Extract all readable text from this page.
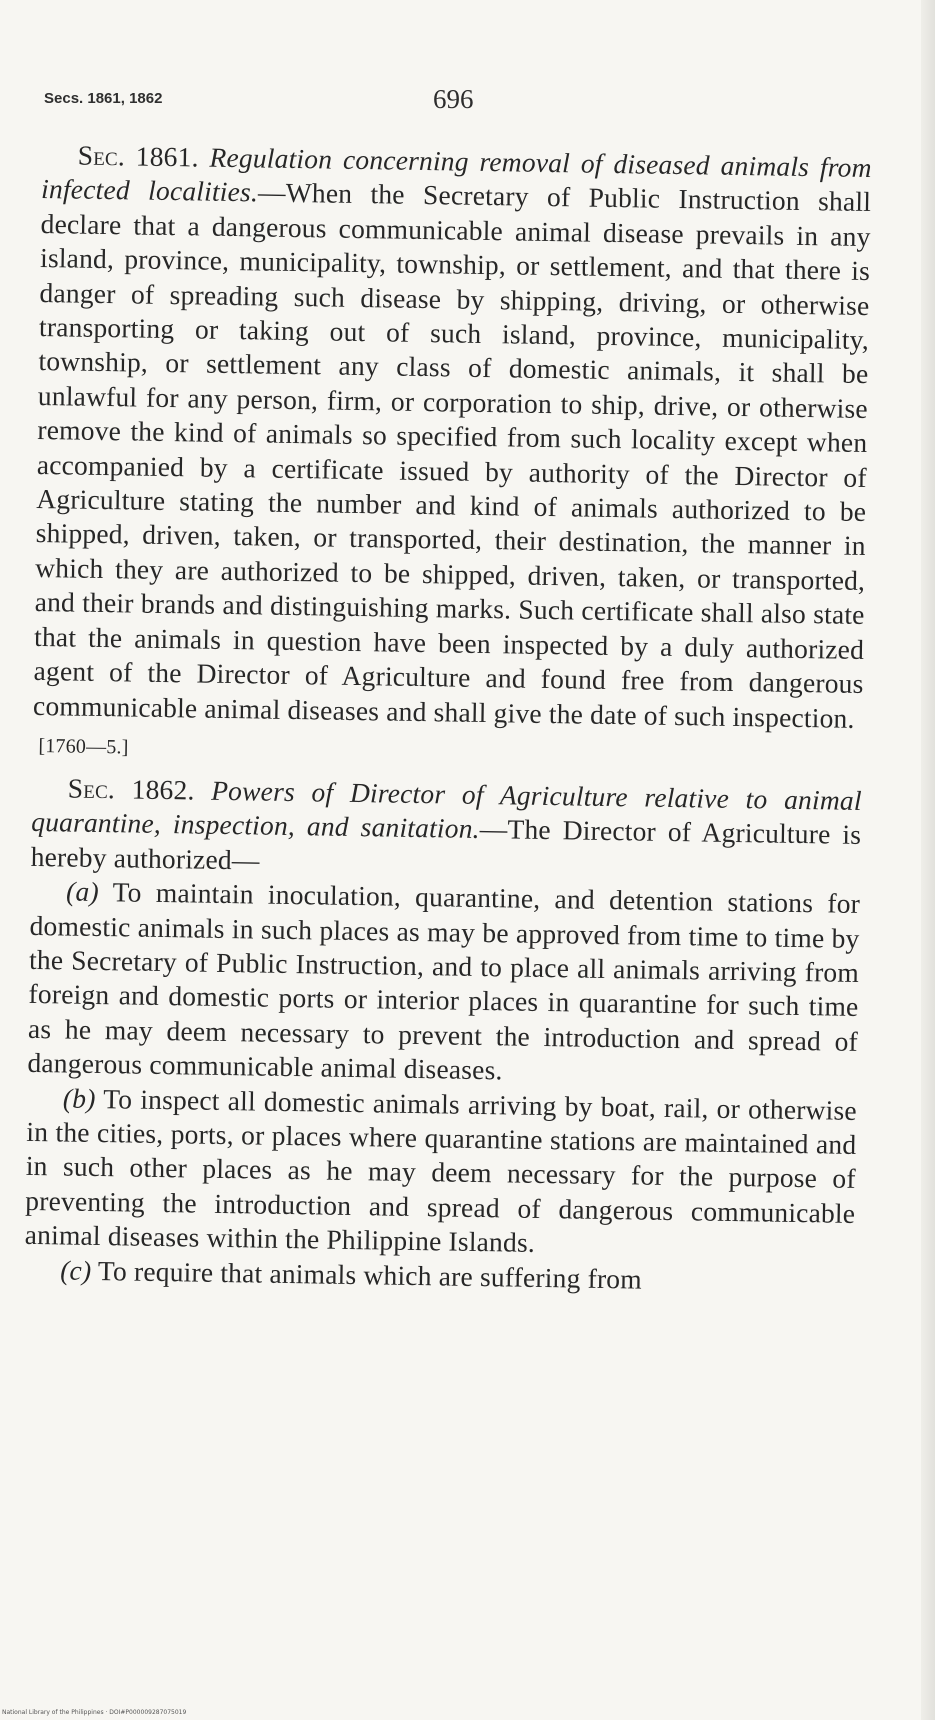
Secs. 1861, 1862	696

Sec. 1861. Regulation concerning removal of diseased animals from infected localities.—When the Secretary of Public Instruction shall declare that a dangerous communicable animal disease prevails in any island, province, municipality, township, or settlement, and that there is danger of spreading such disease by shipping, driving, or otherwise transporting or taking out of such island, province, municipality, township, or settlement any class of domestic animals, it shall be unlawful for any person, firm, or corporation to ship, drive, or otherwise remove the kind of animals so specified from such locality except when accompanied by a certificate issued by authority of the Director of Agriculture stating the number and kind of animals authorized to be shipped, driven, taken, or transported, their destination, the manner in which they are authorized to be shipped, driven, taken, or transported, and their brands and distinguishing marks. Such certificate shall also state that the animals in question have been inspected by a duly authorized agent of the Director of Agriculture and found free from dangerous communicable animal diseases and shall give the date of such inspection.

[1760—5.]

Sec. 1862. Powers of Director of Agriculture relative to animal quarantine, inspection, and sanitation.—The Director of Agriculture is hereby authorized—

(a) To maintain inoculation, quarantine, and detention stations for domestic animals in such places as may be approved from time to time by the Secretary of Public Instruction, and to place all animals arriving from foreign and domestic ports or interior places in quarantine for such time as he may deem necessary to prevent the introduction and spread of dangerous communicable animal diseases.

(b) To inspect all domestic animals arriving by boat, rail, or otherwise in the cities, ports, or places where quarantine stations are maintained and in such other places as he may deem necessary for the purpose of preventing the introduction and spread of dangerous communicable animal diseases within the Philippine Islands.

(c) To require that animals which are suffering from

National Library of the Philippines · DOI#P000009287075019
